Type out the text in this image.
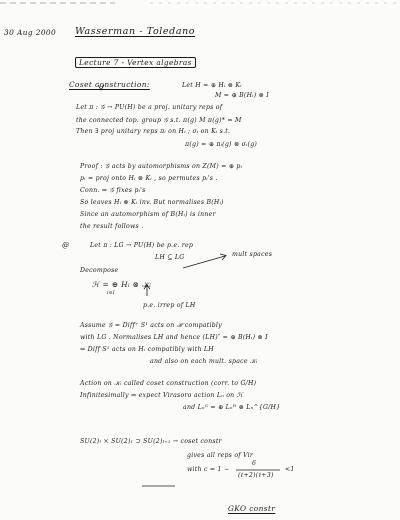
30 Aug 2000 Wasserman - Toledano
Lecture 7 - Vertex algebras
Coset construction:	Let H = ⊕ Hᵢ ⊗ Kᵢ
M = ⊕ B(Hᵢ) ⊗ I
Let π : 𝒢 → PU(H) be a proj. unitary reps of
the connected top. group 𝒢 s.t. π(g) M π(g)* = M
Then ∃ proj unitary reps πᵢ on Hᵢ ; σᵢ on Kᵢ s.t.
π(g) = ⊕ πᵢ(g) ⊗ σᵢ(g)
Proof : 𝒢 acts by automorphisms on Z(M) = ⊕ pᵢ
pᵢ = proj onto Hᵢ ⊗ Kᵢ , so permutes pᵢ's .
Conn. ⇒ 𝒢 fixes pᵢ's
So leaves Hᵢ ⊗ Kᵢ inv. But normalises B(Hᵢ)
Since an automorphism of B(Hᵢ) is inner
the result follows .
@	Let π : LG → PU(H) be p.e. rep
LH ⊆ LG
Decompose
ℋ = ⊕ Hᵢ ⊗ 𝒦ᵢ
i∈I
mult spaces
p.e. irrep of LH
Assume 𝒢 = Diff⁺ S¹ acts on ℋ compatibly
with LG . Normalises LH and hence (LH)″ = ⊕ B(Hᵢ) ⊗ I
⇒ Diff S¹ acts on Hᵢ compatibly with LH
and also on each mult. space 𝒦ᵢ
Action on 𝒦ᵢ called coset construction (corr. to G/H)
Infinitesimally ⇒ expect Virasoro action Lₙ on ℋ
and Lₙᴳ = ⊕ Lₙᴴ ⊗ Lₙ^{G/H}
SU(2)ₗ × SU(2)₁ ⊃ SU(2)ₗ₊₁ → coset constr
gives all reps of Vir
with c = 1 −
6
(ℓ+2)(ℓ+3)
<1
GKO constr
